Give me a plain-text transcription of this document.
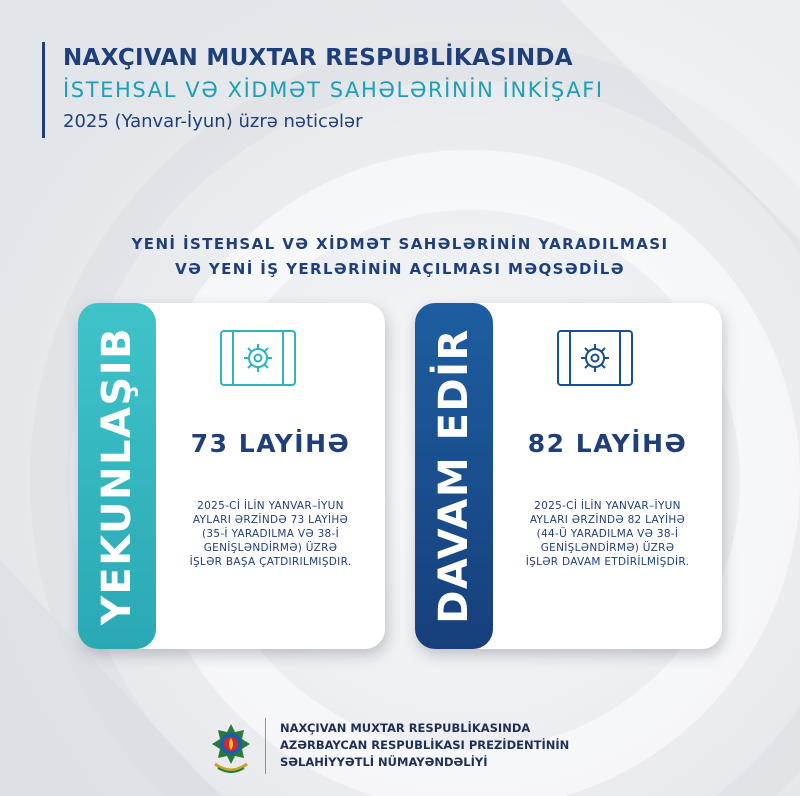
NAXÇIVAN MUXTAR RESPUBLİKASINDA
İSTEHSAL VƏ XİDMƏT SAHƏLƏRİNİN İNKİŞAFI
2025 (Yanvar-İyun) üzrə nəticələr
YENİ İSTEHSAL VƏ XİDMƏT SAHƏLƏRİNİN YARADILMASI
VƏ YENİ İŞ YERLƏRİNİN AÇILMASI MƏQSƏDİLƏ
YEKUNLAŞIB	73 LAYİHƏ
2025-Cİ İLİN YANVAR–İYUN
AYLARI ƏRZİNDƏ 73 LAYİHƏ
(35-İ YARADILMA VƏ 38-İ
GENİŞLƏNDİRMƏ) ÜZRƏ
İŞLƏR BAŞA ÇATDIRILMIŞDIR.	DAVAM EDİR	82 LAYİHƏ
2025-Cİ İLİN YANVAR–İYUN
AYLARI ƏRZİNDƏ 82 LAYİHƏ
(44-Ü YARADILMA VƏ 38-İ
GENİŞLƏNDİRMƏ) ÜZRƏ
İŞLƏR DAVAM ETDİRİLMİŞDİR.
NAXÇIVAN MUXTAR RESPUBLİKASINDA
AZƏRBAYCAN RESPUBLİKASI PREZİDENTİNİN
SƏLAHİYYƏTLİ NÜMAYƏNDƏLİYİ
